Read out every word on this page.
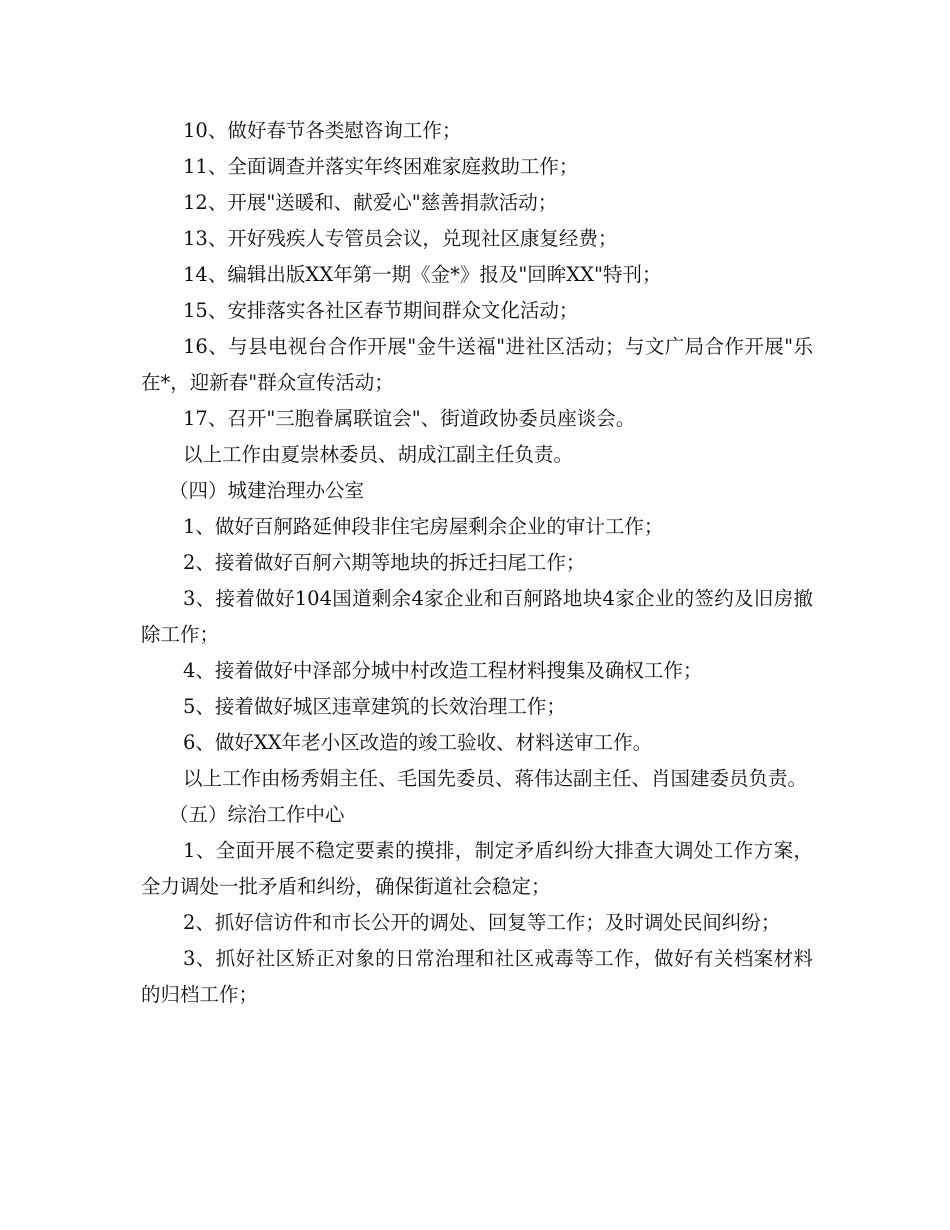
10、做好春节各类慰咨询工作；

11、全面调查并落实年终困难家庭救助工作；

12、开展"送暖和、献爱心"慈善捐款活动；

13、开好残疾人专管员会议，兑现社区康复经费；

14、编辑出版XX年第一期《金*》报及"回眸XX"特刊；

15、安排落实各社区春节期间群众文化活动；

16、与县电视台合作开展"金牛送福"进社区活动；与文广局合作开展"乐在*，迎新春"群众宣传活动；

17、召开"三胞眷属联谊会"、街道政协委员座谈会。

以上工作由夏崇林委员、胡成江副主任负责。

（四）城建治理办公室

1、做好百舸路延伸段非住宅房屋剩余企业的审计工作；

2、接着做好百舸六期等地块的拆迁扫尾工作；

3、接着做好104国道剩余4家企业和百舸路地块4家企业的签约及旧房撤除工作；

4、接着做好中泽部分城中村改造工程材料搜集及确权工作；

5、接着做好城区违章建筑的长效治理工作；

6、做好XX年老小区改造的竣工验收、材料送审工作。

以上工作由杨秀娟主任、毛国先委员、蒋伟达副主任、肖国建委员负责。

（五）综治工作中心

1、全面开展不稳定要素的摸排，制定矛盾纠纷大排查大调处工作方案，全力调处一批矛盾和纠纷，确保街道社会稳定；

2、抓好信访件和市长公开的调处、回复等工作；及时调处民间纠纷；

3、抓好社区矫正对象的日常治理和社区戒毒等工作，做好有关档案材料的归档工作；
